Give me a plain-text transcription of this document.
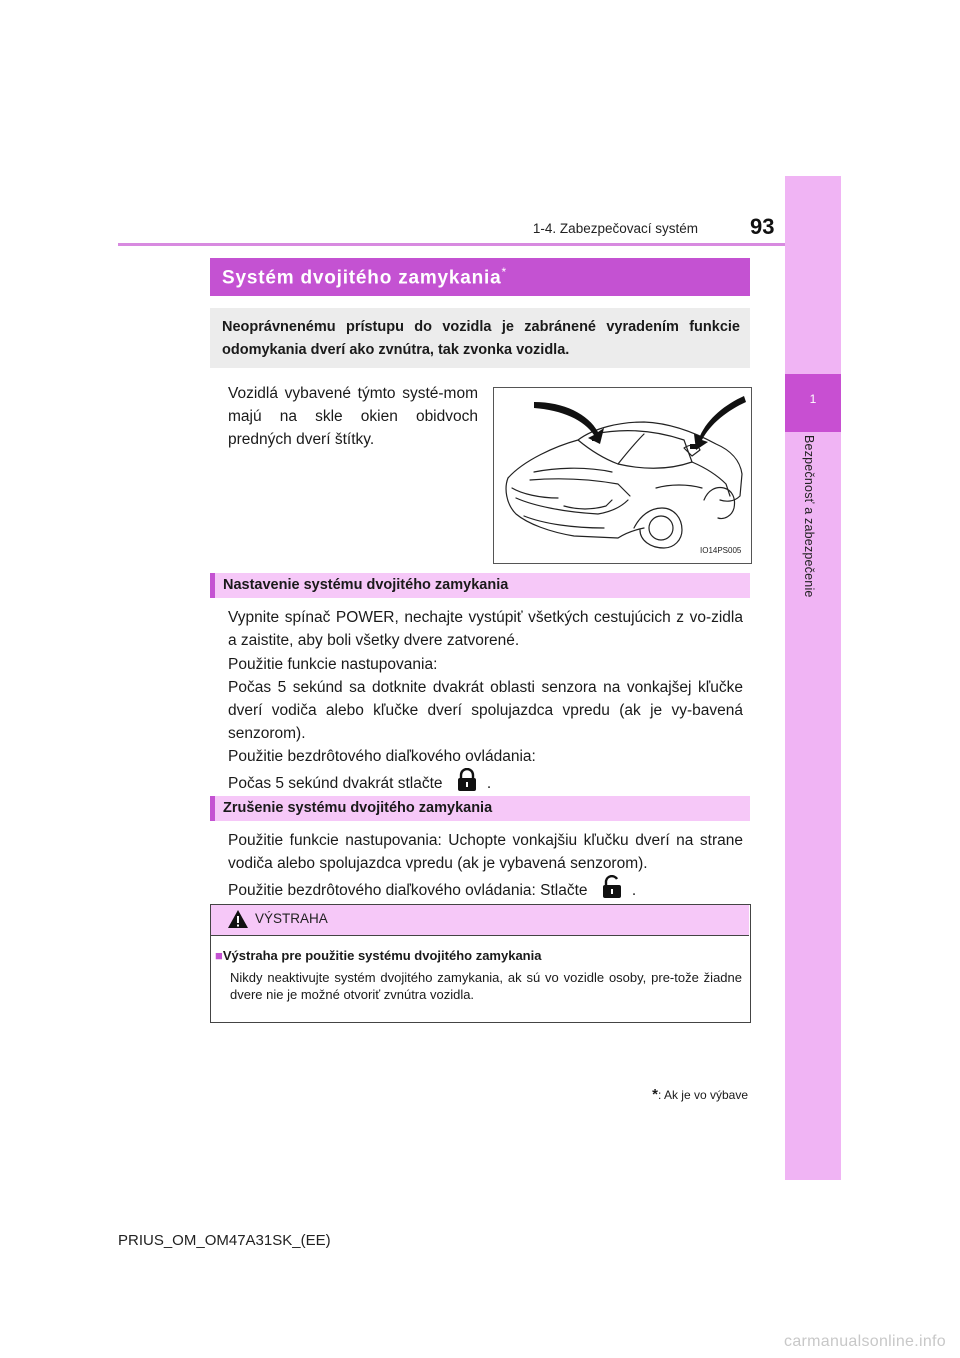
1-4. Zabezpečovací systém 93
1
Bezpečnosť a zabezpečenie
Systém dvojitého zamykania*
Neoprávnenému prístupu do vozidla je zabránené vyradením funkcie odomykania dverí ako zvnútra, tak zvonka vozidla.
Vozidlá vybavené týmto systé-mom majú na skle okien obidvoch predných dverí štítky.
IO14PS005
Nastavenie systému dvojitého zamykania
Vypnite spínač POWER, nechajte vystúpiť všetkých cestujúcich z vo-zidla a zaistite, aby boli všetky dvere zatvorené.
Použitie funkcie nastupovania:
Počas 5 sekúnd sa dotknite dvakrát oblasti senzora na vonkajšej kľučke dverí vodiča alebo kľučke dverí spolujazdca vpredu (ak je vy-bavená senzorom).
Použitie bezdrôtového diaľkového ovládania:
Počas 5 sekúnd dvakrát stlačte	.
Zrušenie systému dvojitého zamykania
Použitie funkcie nastupovania: Uchopte vonkajšiu kľučku dverí na strane vodiča alebo spolujazdca vpredu (ak je vybavená senzorom).
Použitie bezdrôtového diaľkového ovládania: Stlačte	.
VÝSTRAHA
■Výstraha pre použitie systému dvojitého zamykania
Nikdy neaktivujte systém dvojitého zamykania, ak sú vo vozidle osoby, pre-tože žiadne dvere nie je možné otvoriť zvnútra vozidla.
*: Ak je vo výbave
PRIUS_OM_OM47A31SK_(EE)
carmanualsonline.info
